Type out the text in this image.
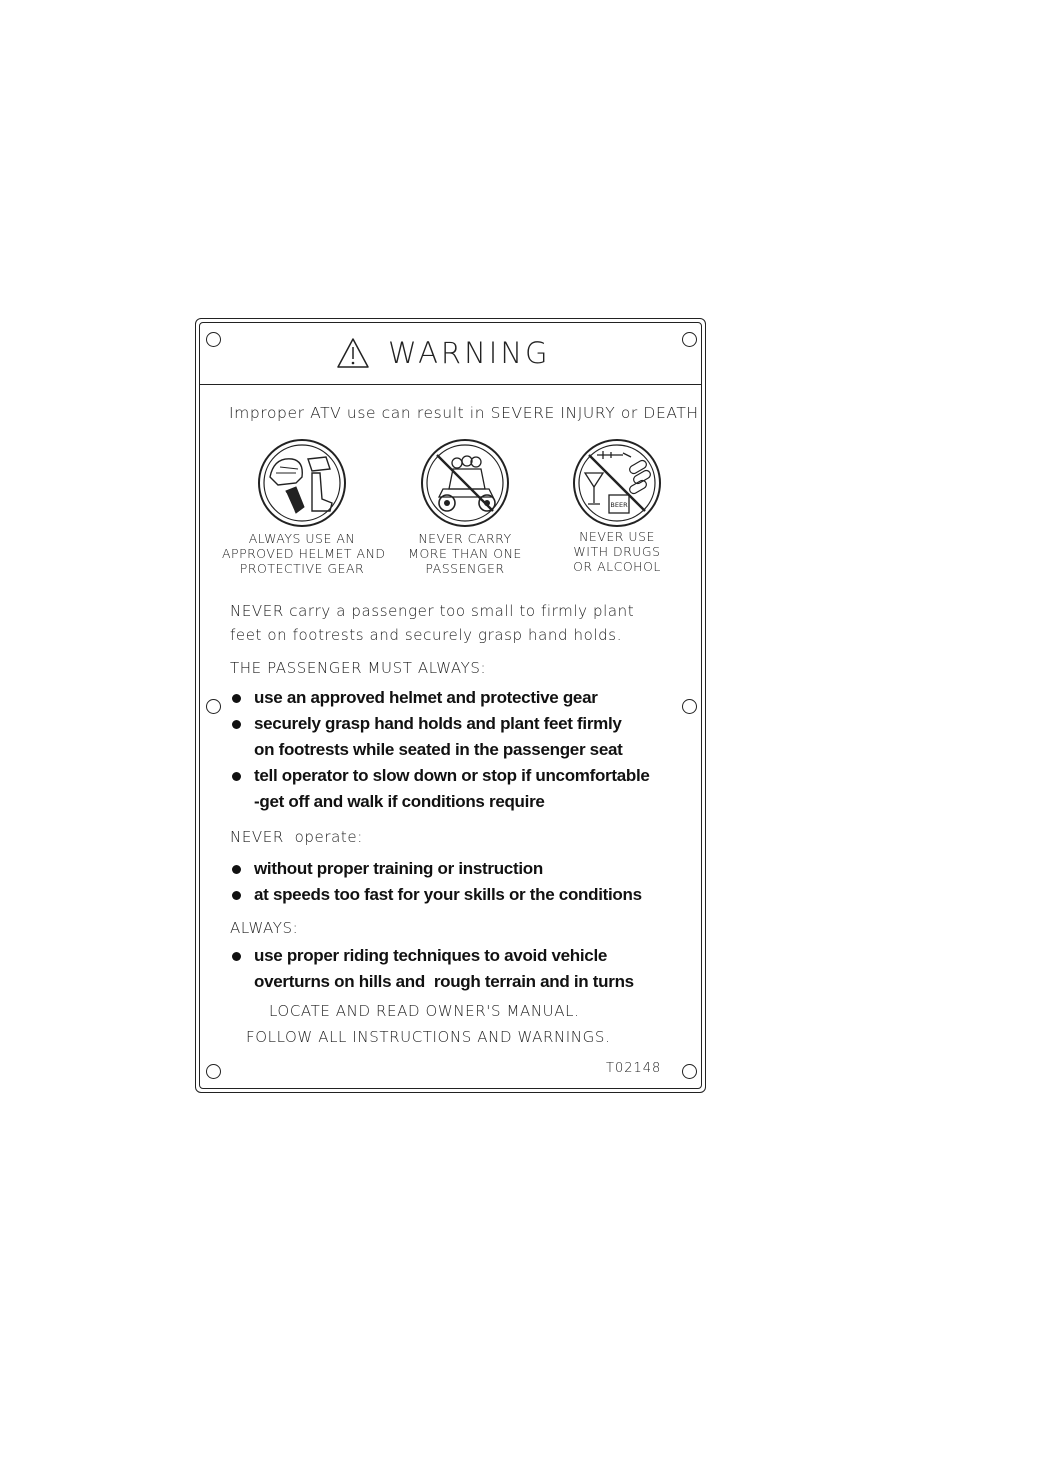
WARNING
Improper ATV use can result in SEVERE INJURY or DEATH
ALWAYS USE AN
APPROVED HELMET AND
PROTECTIVE GEAR
NEVER CARRY
MORE THAN ONE
PASSENGER
BEER
NEVER USE
WITH DRUGS
OR ALCOHOL
NEVER carry a passenger too small to firmly plant
feet on footrests and securely grasp hand holds.
THE PASSENGER MUST ALWAYS:
use an approved helmet and protective gear
securely grasp hand holds and plant feet firmly
on footrests while seated in the passenger seat
tell operator to slow down or stop if uncomfortable
-get off and walk if conditions require
NEVER  operate:
without proper training or instruction
at speeds too fast for your skills or the conditions
ALWAYS:
use proper riding techniques to avoid vehicle
overturns on hills and  rough terrain and in turns
LOCATE AND READ OWNER'S MANUAL.
FOLLOW ALL INSTRUCTIONS AND WARNINGS.
T02148
